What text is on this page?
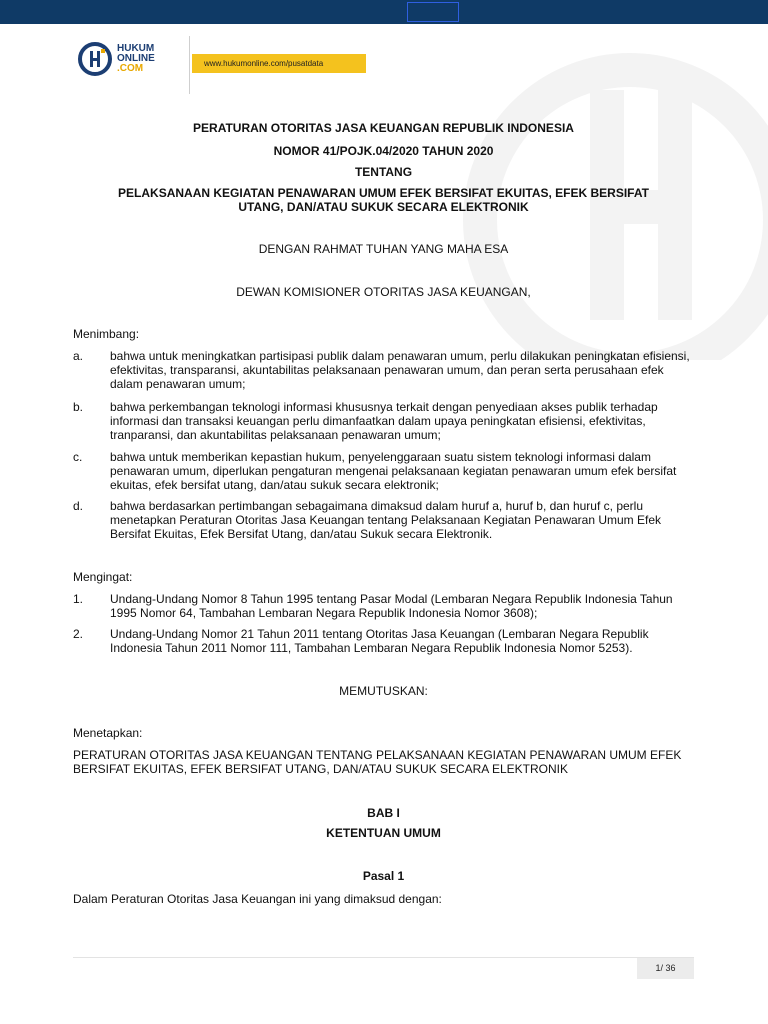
HUKUM
ONLINE
.COM	www.hukumonline.com/pusatdata
PERATURAN OTORITAS JASA KEUANGAN REPUBLIK INDONESIA
NOMOR 41/POJK.04/2020 TAHUN 2020
TENTANG
PELAKSANAAN KEGIATAN PENAWARAN UMUM EFEK BERSIFAT EKUITAS, EFEK BERSIFAT
UTANG, DAN/ATAU SUKUK SECARA ELEKTRONIK
DENGAN RAHMAT TUHAN YANG MAHA ESA
DEWAN KOMISIONER OTORITAS JASA KEUANGAN,
Menimbang:
a. bahwa untuk meningkatkan partisipasi publik dalam penawaran umum, perlu dilakukan peningkatan efisiensi, efektivitas, transparansi, akuntabilitas pelaksanaan penawaran umum, dan peran serta perusahaan efek dalam penawaran umum;
b. bahwa perkembangan teknologi informasi khususnya terkait dengan penyediaan akses publik terhadap informasi dan transaksi keuangan perlu dimanfaatkan dalam upaya peningkatan efisiensi, efektivitas, tranparansi, dan akuntabilitas pelaksanaan penawaran umum;
c. bahwa untuk memberikan kepastian hukum, penyelenggaraan suatu sistem teknologi informasi dalam penawaran umum, diperlukan pengaturan mengenai pelaksanaan kegiatan penawaran umum efek bersifat ekuitas, efek bersifat utang, dan/atau sukuk secara elektronik;
d. bahwa berdasarkan pertimbangan sebagaimana dimaksud dalam huruf a, huruf b, dan huruf c, perlu menetapkan Peraturan Otoritas Jasa Keuangan tentang Pelaksanaan Kegiatan Penawaran Umum Efek Bersifat Ekuitas, Efek Bersifat Utang, dan/atau Sukuk secara Elektronik.
Mengingat:
1. Undang-Undang Nomor 8 Tahun 1995 tentang Pasar Modal (Lembaran Negara Republik Indonesia Tahun 1995 Nomor 64, Tambahan Lembaran Negara Republik Indonesia Nomor 3608);
2. Undang-Undang Nomor 21 Tahun 2011 tentang Otoritas Jasa Keuangan (Lembaran Negara Republik Indonesia Tahun 2011 Nomor 111, Tambahan Lembaran Negara Republik Indonesia Nomor 5253).
MEMUTUSKAN:
Menetapkan:
PERATURAN OTORITAS JASA KEUANGAN TENTANG PELAKSANAAN KEGIATAN PENAWARAN UMUM EFEK BERSIFAT EKUITAS, EFEK BERSIFAT UTANG, DAN/ATAU SUKUK SECARA ELEKTRONIK
BAB I
KETENTUAN UMUM
Pasal 1
Dalam Peraturan Otoritas Jasa Keuangan ini yang dimaksud dengan:
1/ 36
